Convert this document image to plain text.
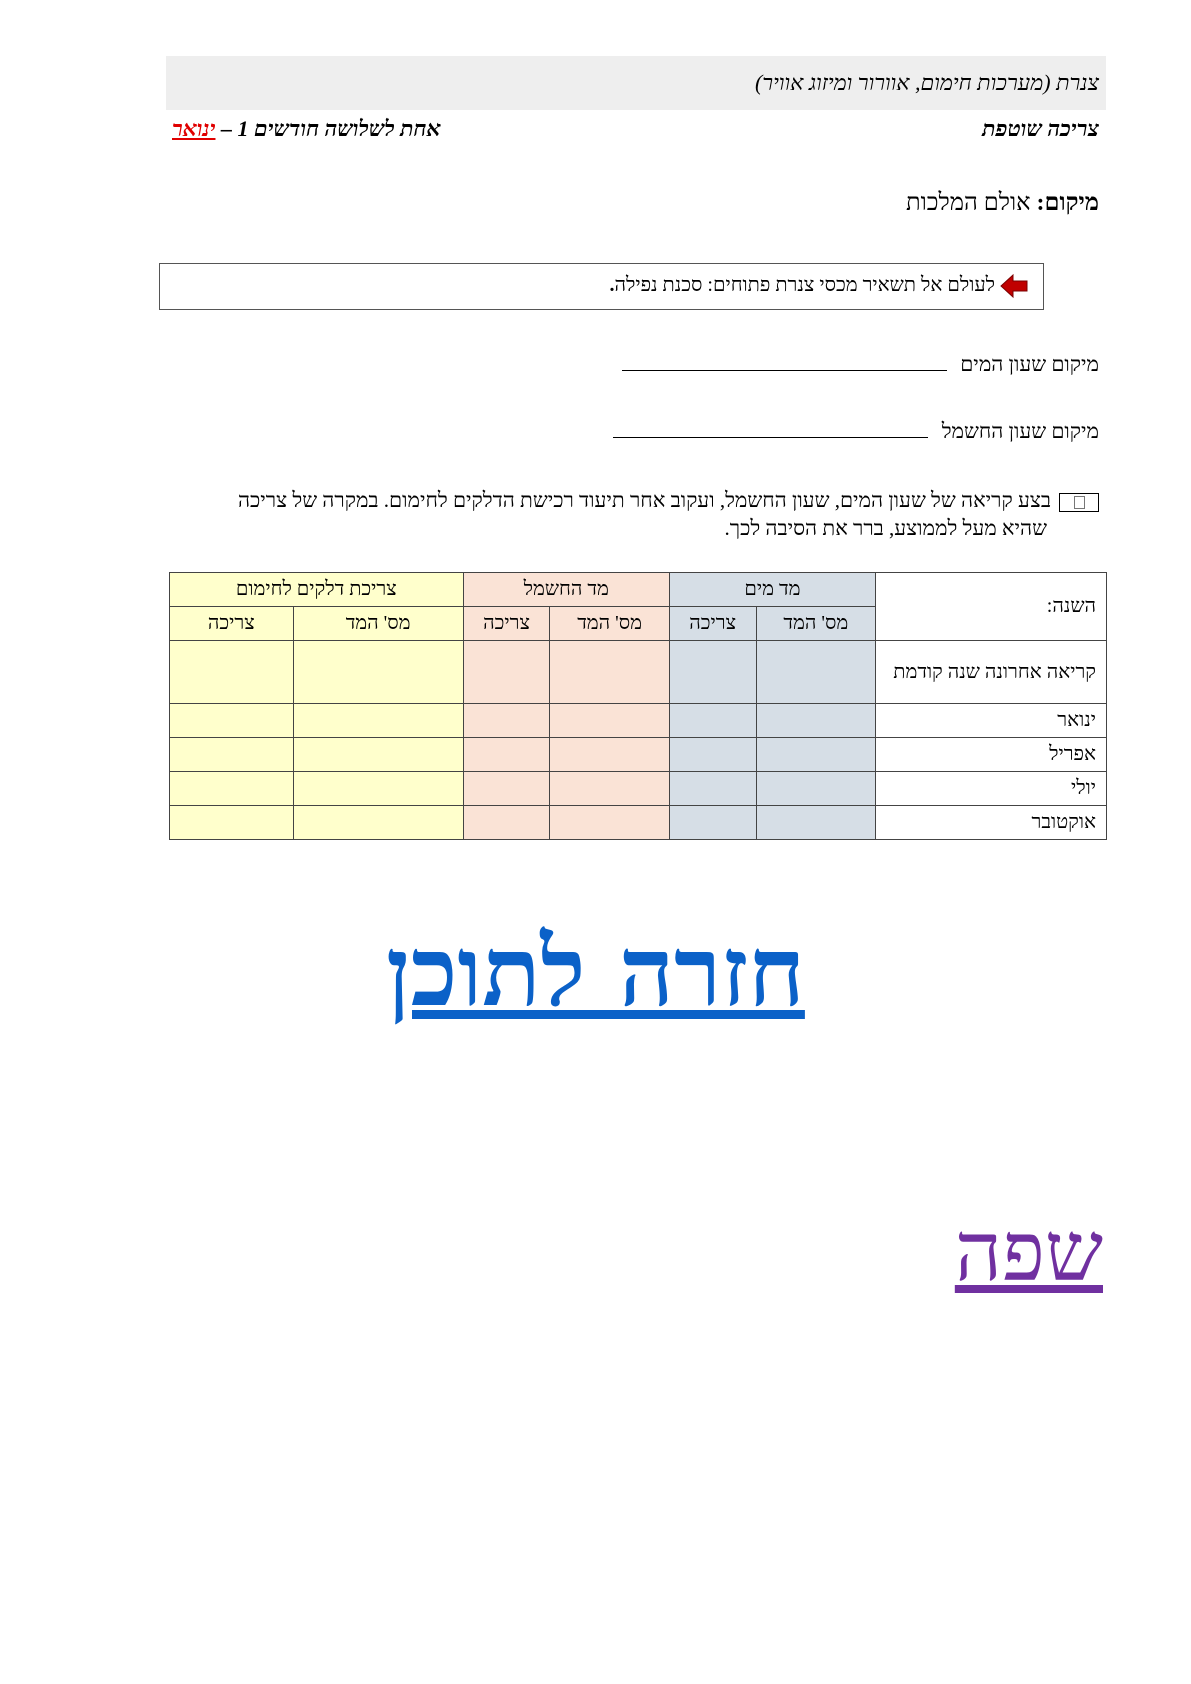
צנרת (מערכות חימום, אוורור ומיזוג אוויר)
צריכה שוטפת
אחת לשלושה חודשים 1 – ינואר
מיקום: אולם המלכות
לעולם אל תשאיר מכסי צנרת פתוחים: סכנת נפילה.
מיקום שעון המים
מיקום שעון החשמל
בצע קריאה של שעון המים, שעון החשמל, ועקוב אחר תיעוד רכישת הדלקים לחימום. במקרה של צריכה
שהיא מעל לממוצע, ברר את הסיבה לכך.
השנה:	מד מים		מד החשמל		צריכת דלקים לחימום	
	מס' המד	צריכה	מס' המד	צריכה	מס' המד	צריכה
קריאה אחרונה שנה קודמת						
ינואר						
אפריל						
יולי						
אוקטובר						
חזרה לתוכן
שפה
